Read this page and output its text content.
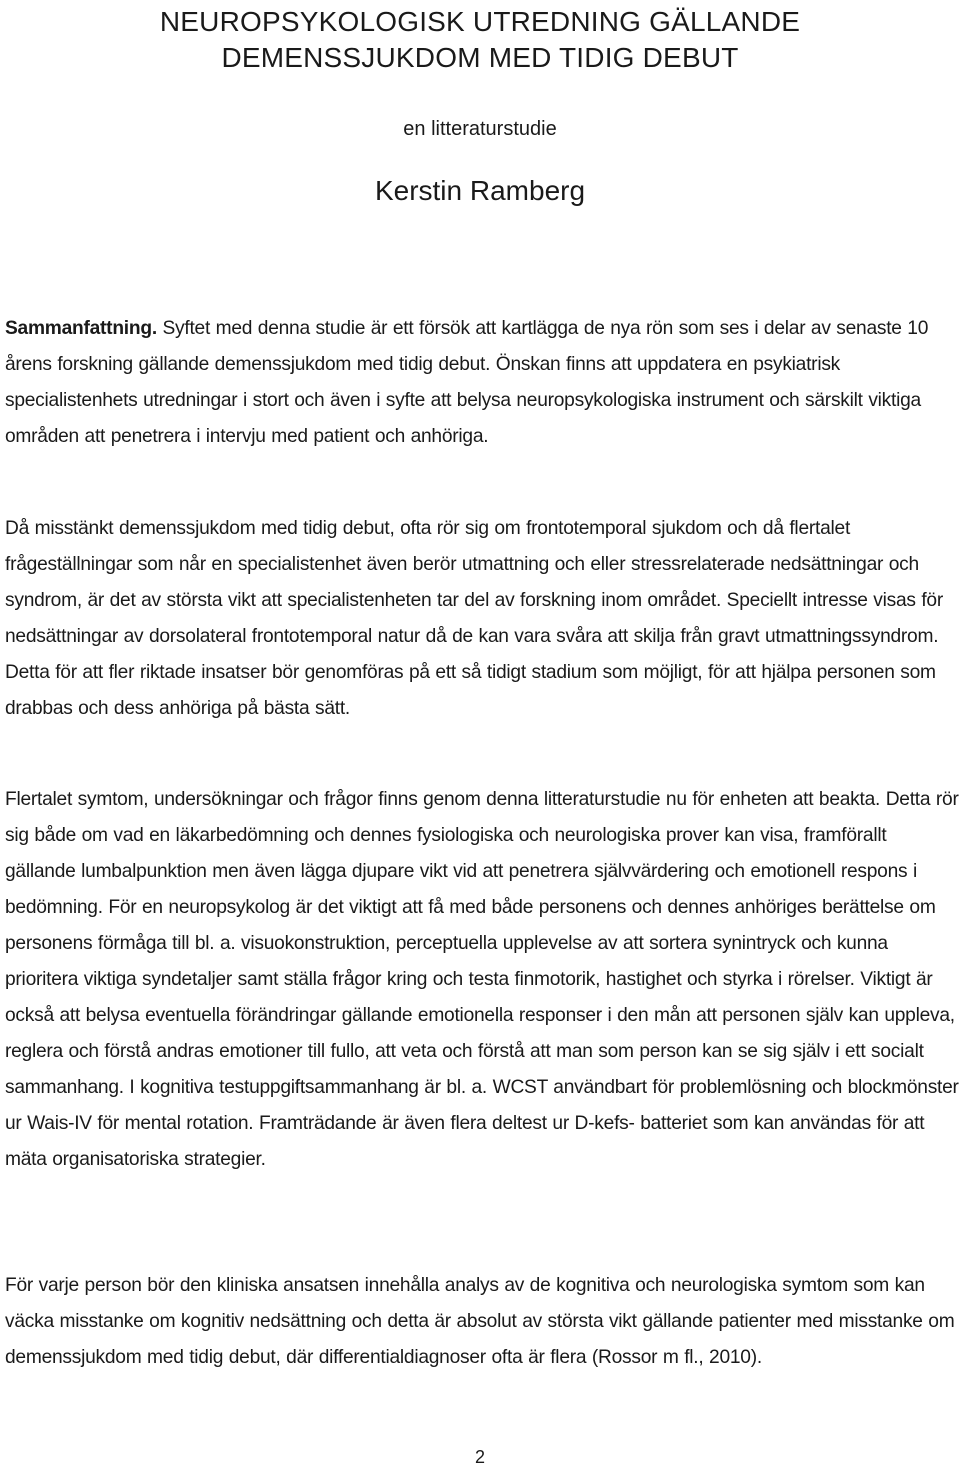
NEUROPSYKOLOGISK UTREDNING GÄLLANDE
DEMENSSJUKDOM MED TIDIG DEBUT
en litteraturstudie
Kerstin Ramberg

Sammanfattning. Syftet med denna studie är ett försök att kartlägga de nya rön som ses i delar av senaste 10 årens forskning gällande demenssjukdom med tidig debut. Önskan finns att uppdatera en psykiatrisk specialistenhets utredningar i stort och även i syfte att belysa neuropsykologiska instrument och särskilt viktiga områden att penetrera i intervju med patient och anhöriga.

Då misstänkt demenssjukdom med tidig debut, ofta rör sig om frontotemporal sjukdom och då flertalet frågeställningar som når en specialistenhet även berör utmattning och eller stressrelaterade nedsättningar och syndrom, är det av största vikt att specialistenheten tar del av forskning inom området. Speciellt intresse visas för nedsättningar av dorsolateral frontotemporal natur då de kan vara svåra att skilja från gravt utmattningssyndrom. Detta för att fler riktade insatser bör genomföras på ett så tidigt stadium som möjligt, för att hjälpa personen som drabbas och dess anhöriga på bästa sätt.

Flertalet symtom, undersökningar och frågor finns genom denna litteraturstudie nu för enheten att beakta. Detta rör sig både om vad en läkarbedömning och dennes fysiologiska och neurologiska prover kan visa, framförallt gällande lumbalpunktion men även lägga djupare vikt vid att penetrera självvärdering och emotionell respons i bedömning. För en neuropsykolog är det viktigt att få med både personens och dennes anhöriges berättelse om personens förmåga till bl. a. visuokonstruktion, perceptuella upplevelse av att sortera synintryck och kunna prioritera viktiga syndetaljer samt ställa frågor kring och testa finmotorik, hastighet och styrka i rörelser. Viktigt är också att belysa eventuella förändringar gällande emotionella responser i den mån att personen själv kan uppleva, reglera och förstå andras emotioner till fullo, att veta och förstå att man som person kan se sig själv i ett socialt sammanhang. I kognitiva testuppgiftsammanhang är bl. a. WCST användbart för problemlösning och blockmönster ur Wais-IV för mental rotation. Framträdande är även flera deltest ur D-kefs- batteriet som kan användas för att mäta organisatoriska strategier.

För varje person bör den kliniska ansatsen innehålla analys av de kognitiva och neurologiska symtom som kan väcka misstanke om kognitiv nedsättning och detta är absolut av största vikt gällande patienter med misstanke om demenssjukdom med tidig debut, där differentialdiagnoser ofta är flera (Rossor m fl., 2010).

2
